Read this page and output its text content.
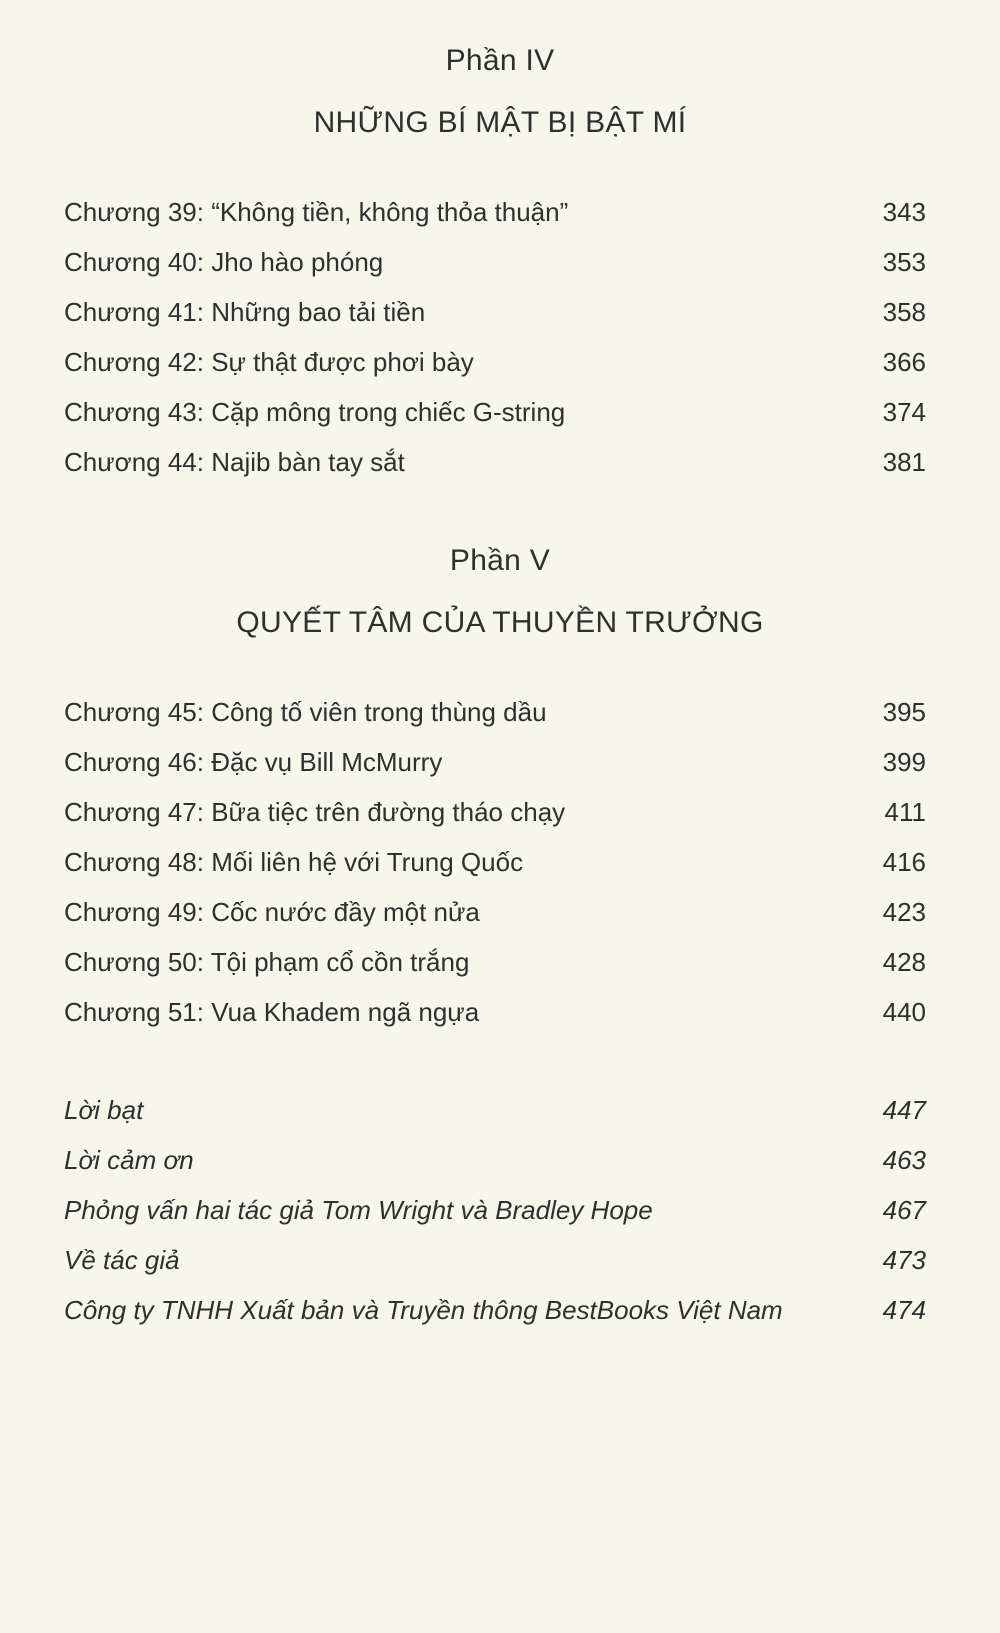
Phần IV
NHỮNG BÍ MẬT BỊ BẬT MÍ
Chương 39: “Không tiền, không thỏa thuận”	343
Chương 40: Jho hào phóng	353
Chương 41: Những bao tải tiền	358
Chương 42: Sự thật được phơi bày	366
Chương 43: Cặp mông trong chiếc G-string	374
Chương 44: Najib bàn tay sắt	381
Phần V
QUYẾT TÂM CỦA THUYỀN TRƯỞNG
Chương 45: Công tố viên trong thùng dầu	395
Chương 46: Đặc vụ Bill McMurry	399
Chương 47: Bữa tiệc trên đường tháo chạy	411
Chương 48: Mối liên hệ với Trung Quốc	416
Chương 49: Cốc nước đầy một nửa	423
Chương 50: Tội phạm cổ cồn trắng	428
Chương 51: Vua Khadem ngã ngựa	440
Lời bạt	447
Lời cảm ơn	463
Phỏng vấn hai tác giả Tom Wright và Bradley Hope	467
Về tác giả	473
Công ty TNHH Xuất bản và Truyền thông BestBooks Việt Nam	474
